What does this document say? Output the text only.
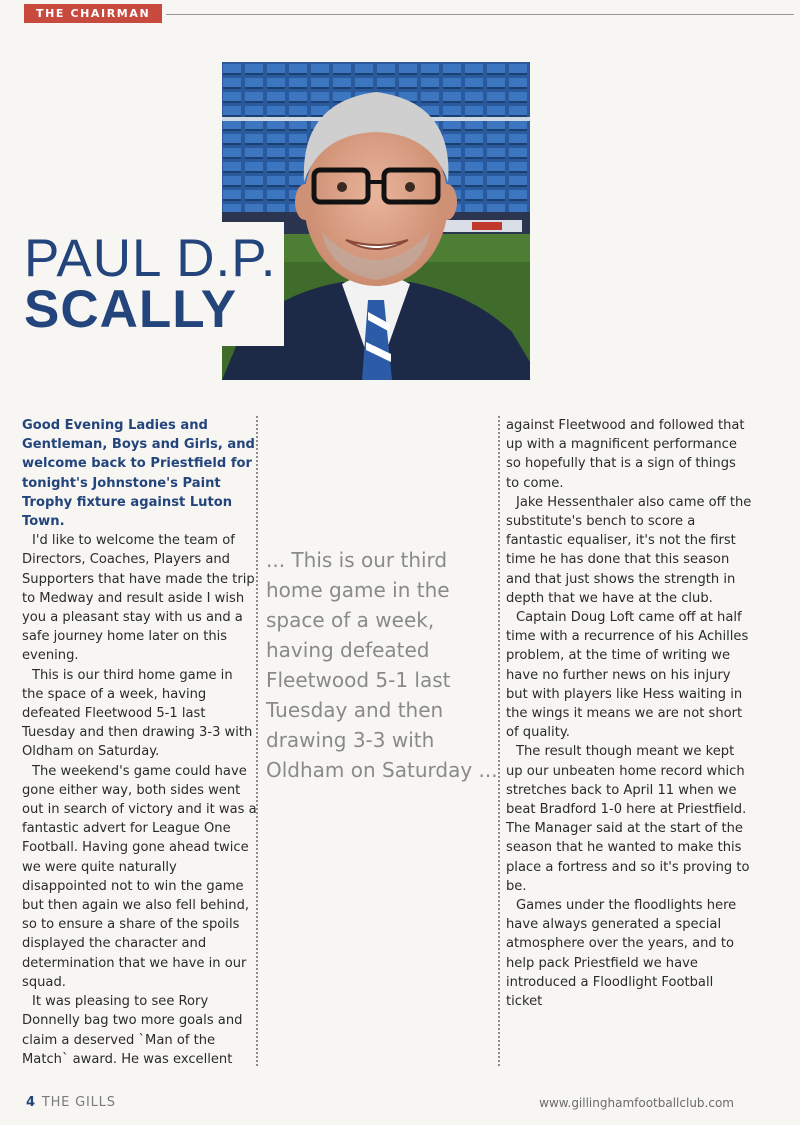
THE CHAIRMAN
PAUL D.P.
SCALLY

Good Evening Ladies and Gentleman, Boys and Girls, and welcome back to Priestfield for tonight's Johnstone's Paint Trophy fixture against Luton Town.

I'd like to welcome the team of Directors, Coaches, Players and Supporters that have made the trip to Medway and result aside I wish you a pleasant stay with us and a safe journey home later on this evening.

This is our third home game in the space of a week, having defeated Fleetwood 5-1 last Tuesday and then drawing 3-3 with Oldham on Saturday.

The weekend's game could have gone either way, both sides went out in search of victory and it was a fantastic advert for League One Football. Having gone ahead twice we were quite naturally disappointed not to win the game but then again we also fell behind, so to ensure a share of the spoils displayed the character and determination that we have in our squad.

It was pleasing to see Rory Donnelly bag two more goals and claim a deserved `Man of the Match` award. He was excellent

... This is our third home game in the space of a week, having defeated Fleetwood 5-1 last Tuesday and then drawing 3-3 with Oldham on Saturday ...

against Fleetwood and followed that up with a magnificent performance so hopefully that is a sign of things to come.

Jake Hessenthaler also came off the substitute's bench to score a fantastic equaliser, it's not the first time he has done that this season and that just shows the strength in depth that we have at the club.

Captain Doug Loft came off at half time with a recurrence of his Achilles problem, at the time of writing we have no further news on his injury but with players like Hess waiting in the wings it means we are not short of quality.

The result though meant we kept up our unbeaten home record which stretches back to April 11 when we beat Bradford 1-0 here at Priestfield. The Manager said at the start of the season that he wanted to make this place a fortress and so it's proving to be.

Games under the floodlights here have always generated a special atmosphere over the years, and to help pack Priestfield we have introduced a Floodlight Football ticket

4 THE GILLS	www.gillinghamfootballclub.com
